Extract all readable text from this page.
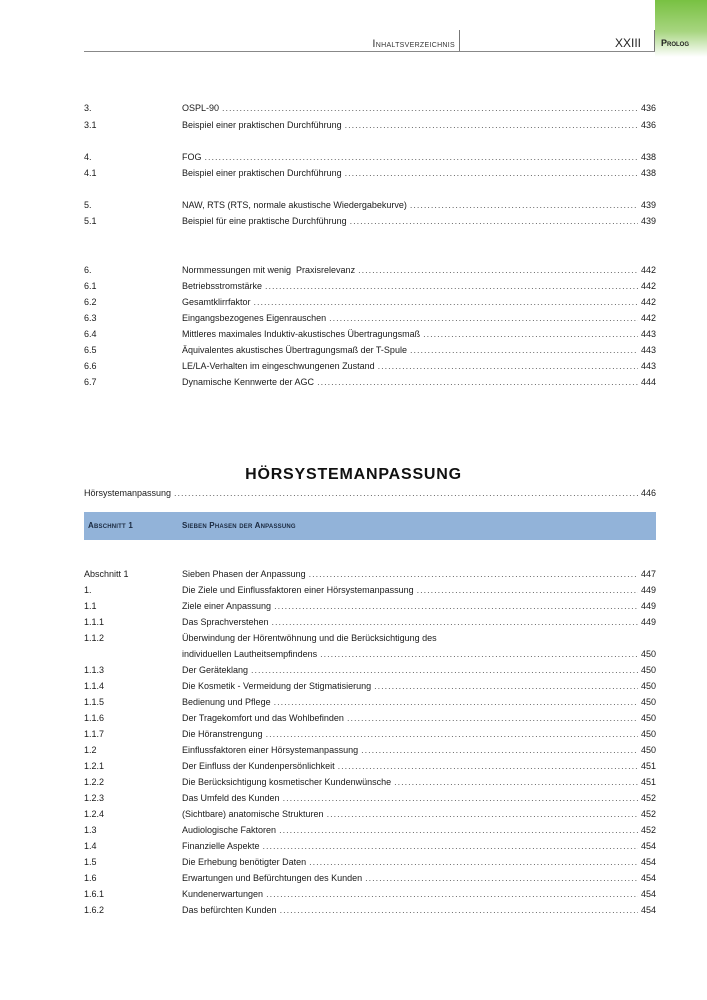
Inhaltsverzeichnis	XXIII Prolog
3.	OSPL-90 .....	436
3.1	Beispiel einer praktischen Durchführung .....	436
4.	FOG .....	438
4.1	Beispiel einer praktischen Durchführung .....	438
5.	NAW, RTS (RTS, normale akustische Wiedergabekurve) .....	439
5.1	Beispiel für eine praktische Durchführung .....	439
6.	Normmessungen mit wenig  Praxisrelevanz .....	442
6.1	Betriebsstromstärke .....	442
6.2	Gesamtklirrfaktor .....	442
6.3	Eingangsbezogenes Eigenrauschen .....	442
6.4	Mittleres maximales Induktiv-akustisches Übertragungsmaß .....	443
6.5	Äquivalentes akustisches Übertragungsmaß der T-Spule .....	443
6.6	LE/LA-Verhalten im eingeschwungenen Zustand .....	443
6.7	Dynamische Kennwerte der AGC .....	444
HÖRSYSTEMANPASSUNG
Hörsystemanpassung .....	446
Abschnitt 1	Sieben Phasen der Anpassung
Abschnitt 1	Sieben Phasen der Anpassung .....	447
1.	Die Ziele und Einflussfaktoren einer Hörsystemanpassung .....	449
1.1	Ziele einer Anpassung .....	449
1.1.1	Das Sprachverstehen .....	449
1.1.2	Überwindung der Hörentwöhnung und die Berücksichtigung des
individuellen Lautheitsempfindens .....	450
1.1.3	Der Geräteklang .....	450
1.1.4	Die Kosmetik - Vermeidung der Stigmatisierung .....	450
1.1.5	Bedienung und Pflege .....	450
1.1.6	Der Tragekomfort und das Wohlbefinden .....	450
1.1.7	Die Höranstrengung .....	450
1.2	Einflussfaktoren einer Hörsystemanpassung .....	450
1.2.1	Der Einfluss der Kundenpersönlichkeit .....	451
1.2.2	Die Berücksichtigung kosmetischer Kundenwünsche .....	451
1.2.3	Das Umfeld des Kunden .....	452
1.2.4	(Sichtbare) anatomische Strukturen .....	452
1.3	Audiologische Faktoren .....	452
1.4	Finanzielle Aspekte .....	454
1.5	Die Erhebung benötigter Daten .....	454
1.6	Erwartungen und Befürchtungen des Kunden .....	454
1.6.1	Kundenerwartungen .....	454
1.6.2	Das befürchten Kunden .....	454
